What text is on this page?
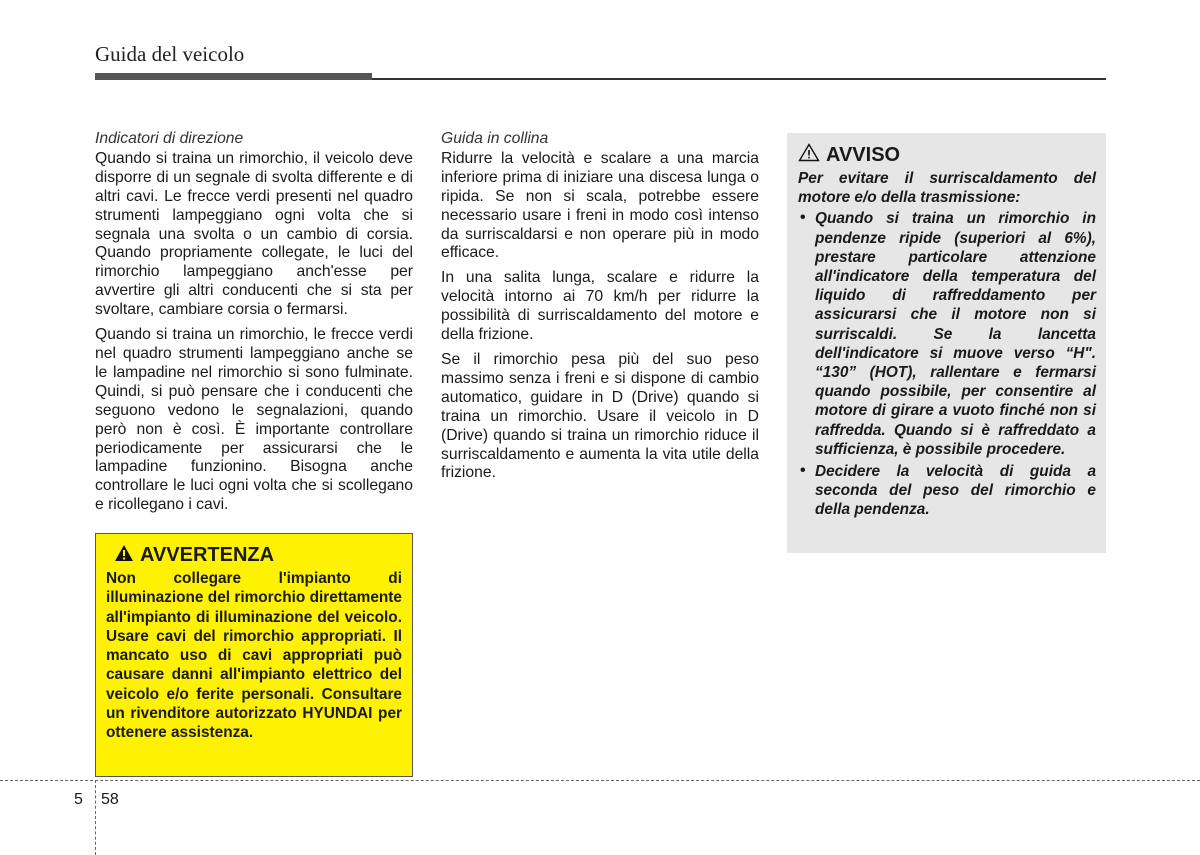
Guida del veicolo
Indicatori di direzione

Quando si traina un rimorchio, il veicolo deve disporre di un segnale di svolta differente e di altri cavi. Le frecce verdi presenti nel quadro strumenti lampeggiano ogni volta che si segnala una svolta o un cambio di corsia. Quando propriamente collegate, le luci del rimorchio lampeggiano anch'esse per avvertire gli altri conducenti che si sta per svoltare, cambiare corsia o fermarsi.

Quando si traina un rimorchio, le frecce verdi nel quadro strumenti lampeggiano anche se le lampadine nel rimorchio si sono fulminate. Quindi, si può pensare che i conducenti che seguono vedono le segnalazioni, quando però non è così. È importante controllare periodicamente per assicurarsi che le lampadine funzionino. Bisogna anche controllare le luci ogni volta che si scollegano e ricollegano i cavi.

AVVERTENZA

Non collegare l'impianto di illuminazione del rimorchio direttamente all'impianto di illuminazione del veicolo. Usare cavi del rimorchio appropriati. Il mancato uso di cavi appropriati può causare danni all'impianto elettrico del veicolo e/o ferite personali. Consultare un rivenditore autorizzato HYUNDAI per ottenere assistenza.

Guida in collina

Ridurre la velocità e scalare a una marcia inferiore prima di iniziare una discesa lunga o ripida. Se non si scala, potrebbe essere necessario usare i freni in modo così intenso da surriscaldarsi e non operare più in modo efficace.

In una salita lunga, scalare e ridurre la velocità intorno ai 70 km/h per ridurre la possibilità di surriscaldamento del motore e della frizione.

Se il rimorchio pesa più del suo peso massimo senza i freni e si dispone di cambio automatico, guidare in D (Drive) quando si traina un rimorchio. Usare il veicolo in D (Drive) quando si traina un rimorchio riduce il surriscaldamento e aumenta la vita utile della frizione.

AVVISO

Per evitare il surriscaldamento del motore e/o della trasmissione:

• Quando si traina un rimorchio in pendenze ripide (superiori al 6%), prestare particolare attenzione all'indicatore della temperatura del liquido di raffreddamento per assicurarsi che il motore non si surriscaldi. Se la lancetta dell'indicatore si muove verso “H". “130” (HOT), rallentare e fermarsi quando possibile, per consentire al motore di girare a vuoto finché non si raffredda. Quando si è raffreddato a sufficienza, è possibile procedere.
• Decidere la velocità di guida a seconda del peso del rimorchio e della pendenza.
5 58
